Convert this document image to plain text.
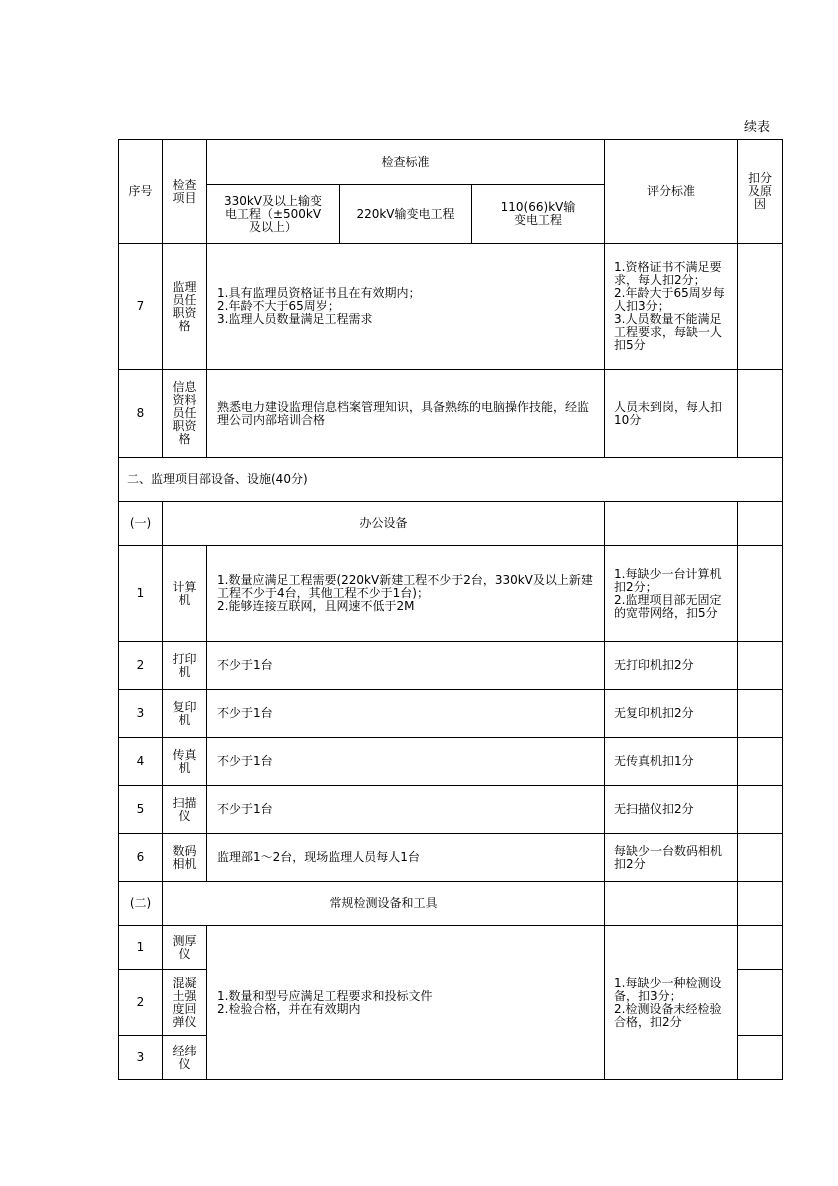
续表
序号	检查项目	检查标准			评分标准	扣分及原因
		330kV及以上输变电工程（±500kV及以上）	220kV输变电工程	110(66)kV输变电工程		
7	监理员任职资格	1.具有监理员资格证书且在有效期内；
2.年龄不大于65周岁；
3.监理人员数量满足工程需求			1.资格证书不满足要求，每人扣2分；
2.年龄大于65周岁每人扣3分；
3.人员数量不能满足工程要求，每缺一人扣5分	
8	信息资料员任职资格	熟悉电力建设监理信息档案管理知识，具备熟练的电脑操作技能，经监理公司内部培训合格			人员未到岗，每人扣10分	
二、监理项目部设备、设施(40分)						
(一)	办公设备					
1	计算机	1.数量应满足工程需要(220kV新建工程不少于2台，330kV及以上新建工程不少于4台，其他工程不少于1台)；
2.能够连接互联网，且网速不低于2M			1.每缺少一台计算机扣2分；
2.监理项目部无固定的宽带网络，扣5分	
2	打印机	不少于1台			无打印机扣2分	
3	复印机	不少于1台			无复印机扣2分	
4	传真机	不少于1台			无传真机扣1分	
5	扫描仪	不少于1台			无扫描仪扣2分	
6	数码相机	监理部1～2台，现场监理人员每人1台			每缺少一台数码相机扣2分	
(二)	常规检测设备和工具					
1	测厚仪	1.数量和型号应满足工程要求和投标文件
2.检验合格，并在有效期内			1.每缺少一种检测设备，扣3分；
2.检测设备未经检验合格，扣2分	
2	混凝土强度回弹仪					
3	经纬仪					
